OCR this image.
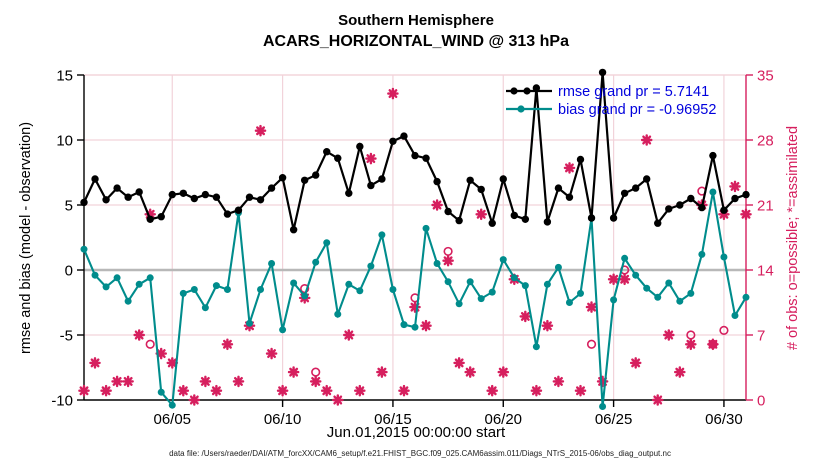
Southern Hemisphere
ACARS_HORIZONTAL_WIND @ 313 hPa
15
10
5
0
-5
-10
35
28
21
14
7
0
06/05	06/10	06/15	06/20	06/25	06/30
rmse and bias (model - observation)	# of obs: o=possible; *=assimilated
Jun.01,2015 00:00:00 start
rmse grand pr = 5.7141
bias grand pr = -0.96952
data file: /Users/raeder/DAI/ATM_forcXX/CAM6_setup/f.e21.FHIST_BGC.f09_025.CAM6assim.011/Diags_NTrS_2015-06/obs_diag_output.nc
